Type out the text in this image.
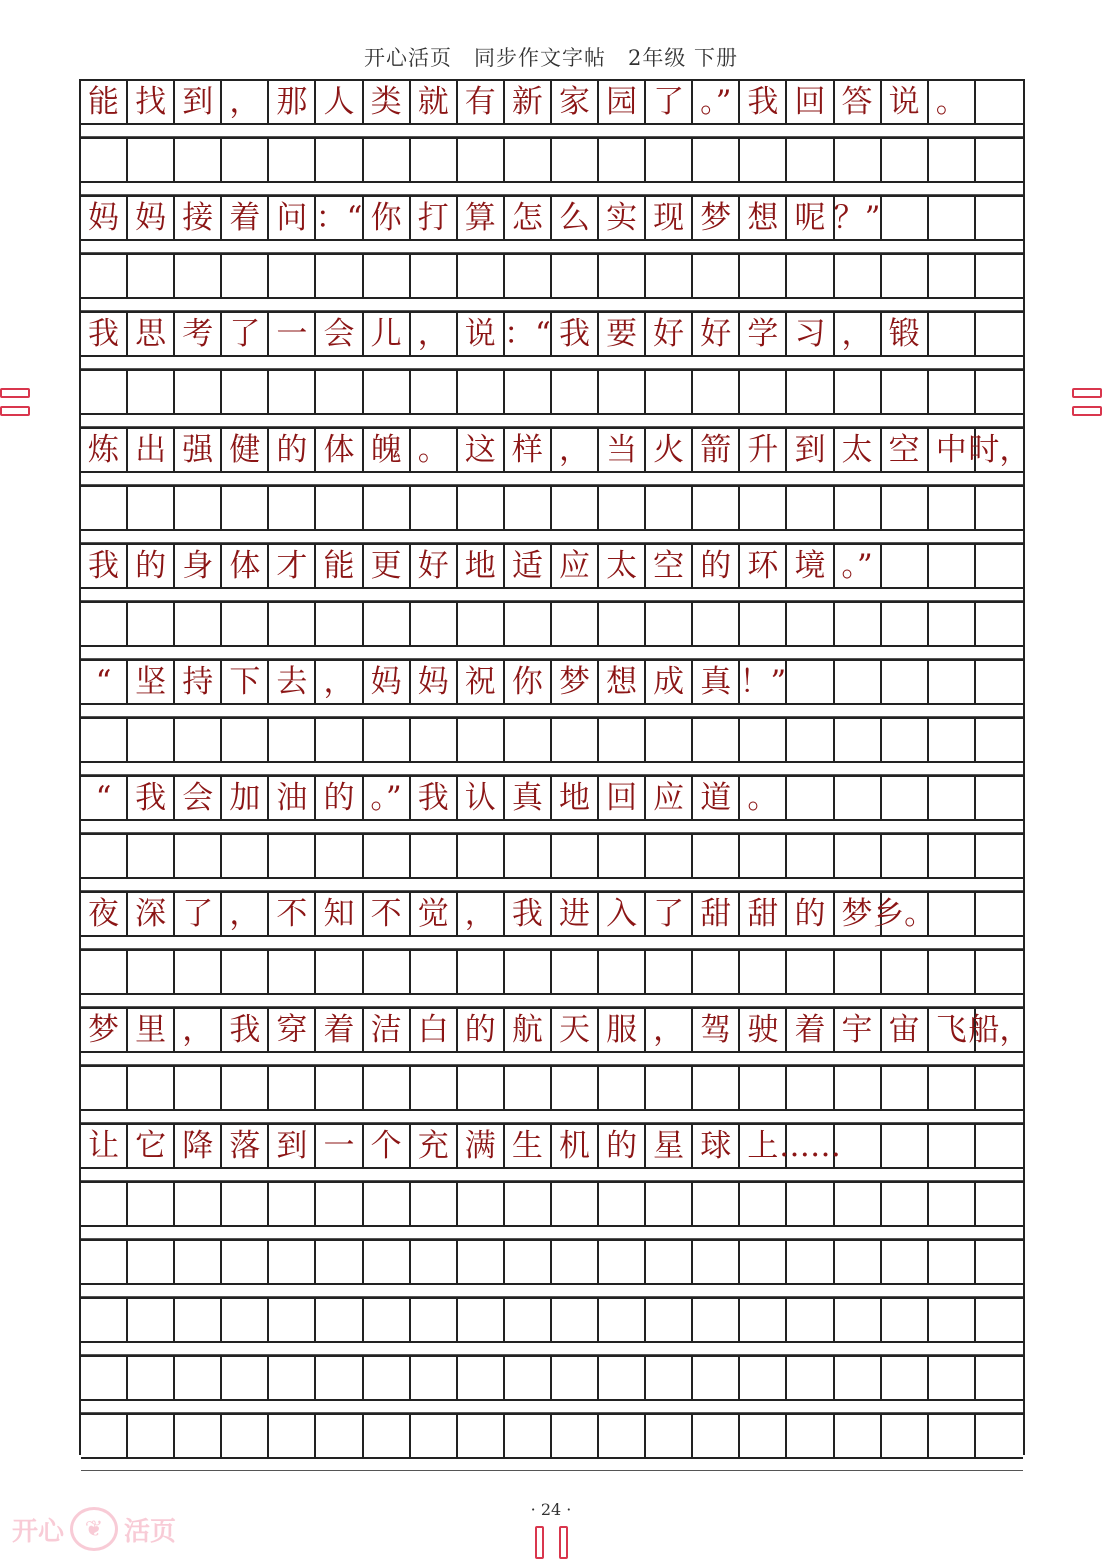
开心活页　同步作文字帖　2年级 下册
能 找 到 ， 那 人 类 就 有 新 家 园 了 。” 我 回 答 说 。
妈 妈 接 着 问 ：“ 你 打 算 怎 么 实 现 梦 想 呢 ？”
我 思 考 了 一 会 儿 ， 说 ：“ 我 要 好 好 学 习 ， 锻
炼 出 强 健 的 体 魄 。 这 样 ， 当 火 箭 升 到 太 空 中 时，
我 的 身 体 才 能 更 好 地 适 应 太 空 的 环 境 。”
“ 坚 持 下 去 ， 妈 妈 祝 你 梦 想 成 真 ！”
“ 我 会 加 油 的 。” 我 认 真 地 回 应 道 。
夜 深 了 ， 不 知 不 觉 ， 我 进 入 了 甜 甜 的 梦 乡。
梦 里 ， 我 穿 着 洁 白 的 航 天 服 ， 驾 驶 着 宇 宙 飞 船，
让 它 降 落 到 一 个 充 满 生 机 的 星 球 上 ……
· 24 ·
开心 ❦ 活页
